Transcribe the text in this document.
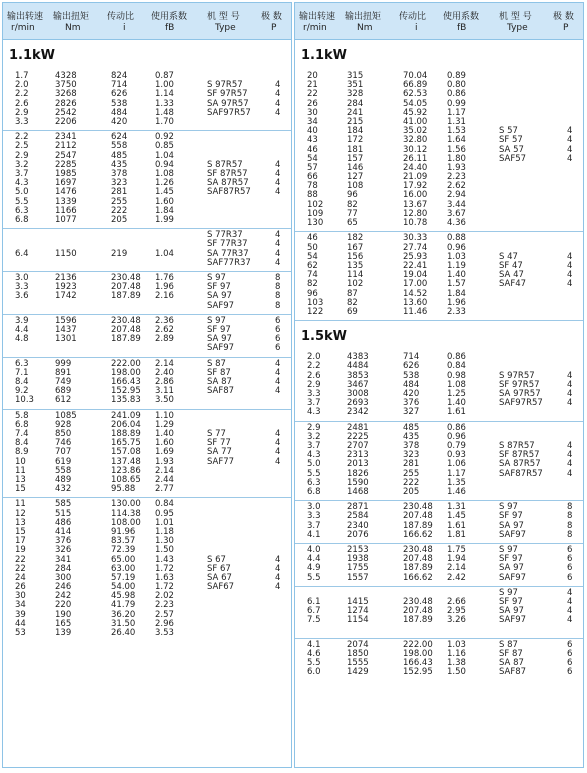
输出转速
r/min
输出扭矩
Nm
传动比
i
使用系数
fB
机 型 号
Type
极 数
P
1.1kW
1.7	4328	824	0.87
2.0	3750	714	1.00
2.2	3268	626	1.14
2.6	2826	538	1.33
2.9	2542	484	1.48
3.3	2206	420	1.70
S 97R57	4
SF 97R57	4
SA 97R57	4
SAF97R57	4
2.2	2341	624	0.92
2.5	2112	558	0.85
2.9	2547	485	1.04
3.2	2285	435	0.94
3.7	1985	378	1.08
4.3	1697	323	1.26
5.0	1476	281	1.45
5.5	1339	255	1.60
6.3	1166	222	1.84
6.8	1077	205	1.99
S 87R57	4
SF 87R57	4
SA 87R57	4
SAF87R57	4
6.4	1150	219	1.04
S 77R37	4
SF 77R37	4
SA 77R37	4
SAF77R37	4
3.0	2136	230.48 1.76
3.3	1923	207.48 1.96
3.6	1742	187.89 2.16
S 97	8
SF 97	8
SA 97	8
SAF97	8
3.9	1596	230.48 2.36
4.4	1437	207.48 2.62
4.8	1301	187.89 2.89
S 97	6
SF 97	6
SA 97	6
SAF97	6
6.3	999	222.00 2.14
7.1	891	198.00 2.40
8.4	749	166.43 2.86
9.2	689	152.95 3.11
10.3 612	135.83 3.50
S 87	4
SF 87	4
SA 87	4
SAF87	4
5.8	1085	241.09 1.10
6.8	928	206.04 1.29
7.4	850	188.89 1.40
8.4	746	165.75 1.60
8.9	707	157.08 1.69
10	619	137.48 1.93
11	558	123.86 2.14
13	489	108.65 2.44
15	432	95.88 2.77
S 77	4
SF 77	4
SA 77	4
SAF77	4
11	585	130.00 0.84
12	515	114.38 0.95
13	486	108.00 1.01
15	414	91.96 1.18
17	376	83.57 1.30
19	326	72.39 1.50
22	341	65.00 1.43
22	284	63.00 1.72
24	300	57.19 1.63
26	246	54.00 1.72
30	242	45.98 2.02
34	220	41.79 2.23
39	190	36.20 2.57
44	165	31.50 2.96
53	139	26.40 3.53
S 67	4
SF 67	4
SA 67	4
SAF67	4
输出转速
r/min
输出扭矩
Nm
传动比
i
使用系数
fB
机 型 号
Type
极 数
P
1.1kW
20	315	70.04 0.89
21	351	66.89 0.80
22	328	62.53 0.86
26	284	54.05 0.99
30	241	45.92 1.17
34	215	41.00 1.31
40	184	35.02 1.53
43	172	32.80 1.64
46	181	30.12 1.56
54	157	26.11 1.80
57	146	24.40 1.93
66	127	21.09 2.23
78	108	17.92 2.62
88	96	16.00 2.94
102	82	13.67 3.44
109	77	12.80 3.67
130	65	10.78 4.36
S 57	4
SF 57	4
SA 57	4
SAF57	4
46	182	30.33 0.88
50	167	27.74 0.96
54	156	25.93 1.03
62	135	22.41 1.19
74	114	19.04 1.40
82	102	17.00 1.57
96	87	14.52 1.84
103	82	13.60 1.96
122	69	11.46 2.33
S 47	4
SF 47	4
SA 47	4
SAF47	4
1.5kW
2.0	4383	714	0.86
2.2	4484	626	0.84
2.6	3853	538	0.98
2.9	3467	484	1.08
3.3	3008	420	1.25
3.7	2693	376	1.40
4.3	2342	327	1.61
S 97R57	4
SF 97R57	4
SA 97R57	4
SAF97R57	4
2.9	2481	485	0.86
3.2	2225	435	0.96
3.7	2707	378	0.79
4.3	2313	323	0.93
5.0	2013	281	1.06
5.5	1826	255	1.17
6.3	1590	222	1.35
6.8	1468	205	1.46
S 87R57	4
SF 87R57	4
SA 87R57	4
SAF87R57	4
3.0	2871	230.48 1.31
3.3	2584	207.48 1.45
3.7	2340	187.89 1.61
4.1	2076	166.62 1.81
S 97	8
SF 97	8
SA 97	8
SAF97	8
4.0	2153	230.48 1.75
4.4	1938	207.48 1.94
4.9	1755	187.89 2.14
5.5	1557	166.62 2.42
S 97	6
SF 97	6
SA 97	6
SAF97	6
6.1	1415	230.48 2.66
6.7	1274	207.48 2.95
7.5	1154	187.89 3.26
S 97	4
SF 97	4
SA 97	4
SAF97	4
4.1	2074	222.00 1.03
4.6	1850	198.00 1.16
5.5	1555	166.43 1.38
6.0	1429	152.95 1.50
S 87	6
SF 87	6
SA 87	6
SAF87	6
